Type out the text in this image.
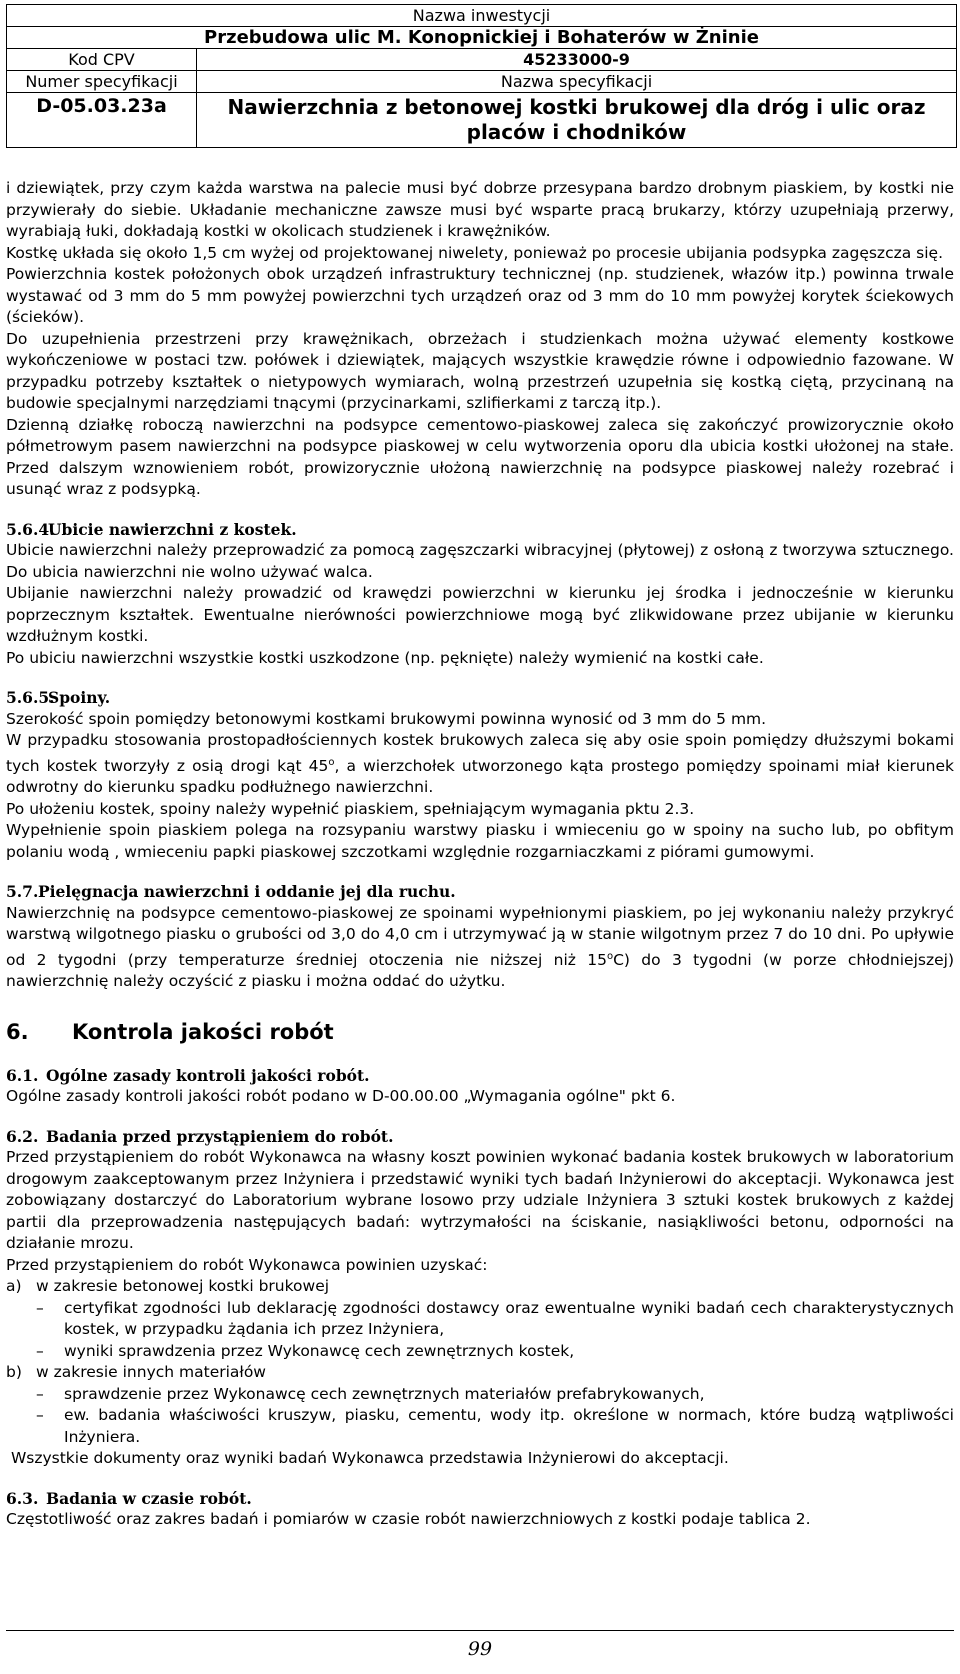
Nazwa inwestycji	
Przebudowa ulic M. Konopnickiej i Bohaterów w Żninie	
Kod CPV	45233000-9
Numer specyfikacji	Nazwa specyfikacji
D-05.03.23a	Nawierzchnia z betonowej kostki brukowej dla dróg i ulic oraz placów i chodników

i dziewiątek, przy czym każda warstwa na palecie musi być dobrze przesypana bardzo drobnym piaskiem, by kostki nie przywierały do siebie. Układanie mechaniczne zawsze musi być wsparte pracą brukarzy, którzy uzupełniają przerwy, wyrabiają łuki, dokładają kostki w okolicach studzienek i krawężników.

Kostkę układa się około 1,5 cm wyżej od projektowanej niwelety, ponieważ po procesie ubijania podsypka zagęszcza się.

Powierzchnia kostek położonych obok urządzeń infrastruktury technicznej (np. studzienek, włazów itp.) powinna trwale wystawać od 3 mm do 5 mm powyżej powierzchni tych urządzeń oraz od 3 mm do 10 mm powyżej korytek ściekowych (ścieków).

Do uzupełnienia przestrzeni przy krawężnikach, obrzeżach i studzienkach można używać elementy kostkowe wykończeniowe w postaci tzw. połówek i dziewiątek, mających wszystkie krawędzie równe i odpowiednio fazowane. W przypadku potrzeby kształtek o nietypowych wymiarach, wolną przestrzeń uzupełnia się kostką ciętą, przycinaną na budowie specjalnymi narzędziami tnącymi (przycinarkami, szlifierkami z tarczą itp.).

Dzienną działkę roboczą nawierzchni na podsypce cementowo-piaskowej zaleca się zakończyć prowizorycznie około półmetrowym pasem nawierzchni na podsypce piaskowej w celu wytworzenia oporu dla ubicia kostki ułożonej na stałe. Przed dalszym wznowieniem robót, prowizorycznie ułożoną nawierzchnię na podsypce piaskowej należy rozebrać i usunąć wraz z podsypką.

5.6.4.Ubicie nawierzchni z kostek.

Ubicie nawierzchni należy przeprowadzić za pomocą zagęszczarki wibracyjnej (płytowej) z osłoną z tworzywa sztucznego. Do ubicia nawierzchni nie wolno używać walca.

Ubijanie nawierzchni należy prowadzić od krawędzi powierzchni w kierunku jej środka i jednocześnie w kierunku poprzecznym kształtek. Ewentualne nierówności powierzchniowe mogą być zlikwidowane przez ubijanie w kierunku wzdłużnym kostki.

Po ubiciu nawierzchni wszystkie kostki uszkodzone (np. pęknięte) należy wymienić na kostki całe.

5.6.5.Spoiny.

Szerokość spoin pomiędzy betonowymi kostkami brukowymi powinna wynosić od 3 mm do 5 mm.

W przypadku stosowania prostopadłościennych kostek brukowych zaleca się aby osie spoin pomiędzy dłuższymi bokami tych kostek tworzyły z osią drogi kąt 45$^o$, a wierzchołek utworzonego kąta prostego pomiędzy spoinami miał kierunek odwrotny do kierunku spadku podłużnego nawierzchni.

Po ułożeniu kostek, spoiny należy wypełnić piaskiem, spełniającym wymagania pktu 2.3.

Wypełnienie spoin piaskiem polega na rozsypaniu warstwy piasku i wmieceniu go w spoiny na sucho lub, po obfitym polaniu wodą , wmieceniu papki piaskowej szczotkami względnie rozgarniaczkami z piórami gumowymi.

5.7.Pielęgnacja nawierzchni i oddanie jej dla ruchu.

Nawierzchnię na podsypce cementowo-piaskowej ze spoinami wypełnionymi piaskiem, po jej wykonaniu należy przykryć warstwą wilgotnego piasku o grubości od 3,0 do 4,0 cm i utrzymywać ją w stanie wilgotnym przez 7 do 10 dni. Po upływie od 2 tygodni (przy temperaturze średniej otoczenia nie niższej niż 15$^o$C) do 3 tygodni (w porze chłodniejszej) nawierzchnię należy oczyścić z piasku i można oddać do użytku.

6. Kontrola jakości robót
6.1. Ogólne zasady kontroli jakości robót.

Ogólne zasady kontroli jakości robót podano w D-00.00.00 „Wymagania ogólne" pkt 6.

6.2. Badania przed przystąpieniem do robót.

Przed przystąpieniem do robót Wykonawca na własny koszt powinien wykonać badania kostek brukowych w laboratorium drogowym zaakceptowanym przez Inżyniera i przedstawić wyniki tych badań Inżynierowi do akceptacji. Wykonawca jest zobowiązany dostarczyć do Laboratorium wybrane losowo przy udziale Inżyniera 3 sztuki kostek brukowych z każdej partii dla przeprowadzenia następujących badań: wytrzymałości na ściskanie, nasiąkliwości betonu, odporności na działanie mrozu.

Przed przystąpieniem do robót Wykonawca powinien uzyskać:

a) w zakresie betonowej kostki brukowej
– certyfikat zgodności lub deklarację zgodności dostawcy oraz ewentualne wyniki badań cech charakterystycznych kostek, w przypadku żądania ich przez Inżyniera,
– wyniki sprawdzenia przez Wykonawcę cech zewnętrznych kostek,
b) w zakresie innych materiałów
– sprawdzenie przez Wykonawcę cech zewnętrznych materiałów prefabrykowanych,
– ew. badania właściwości kruszyw, piasku, cementu, wody itp. określone w normach, które budzą wątpliwości Inżyniera.

Wszystkie dokumenty oraz wyniki badań Wykonawca przedstawia Inżynierowi do akceptacji.

6.3. Badania w czasie robót.

Częstotliwość oraz zakres badań i pomiarów w czasie robót nawierzchniowych z kostki podaje tablica 2.

99
